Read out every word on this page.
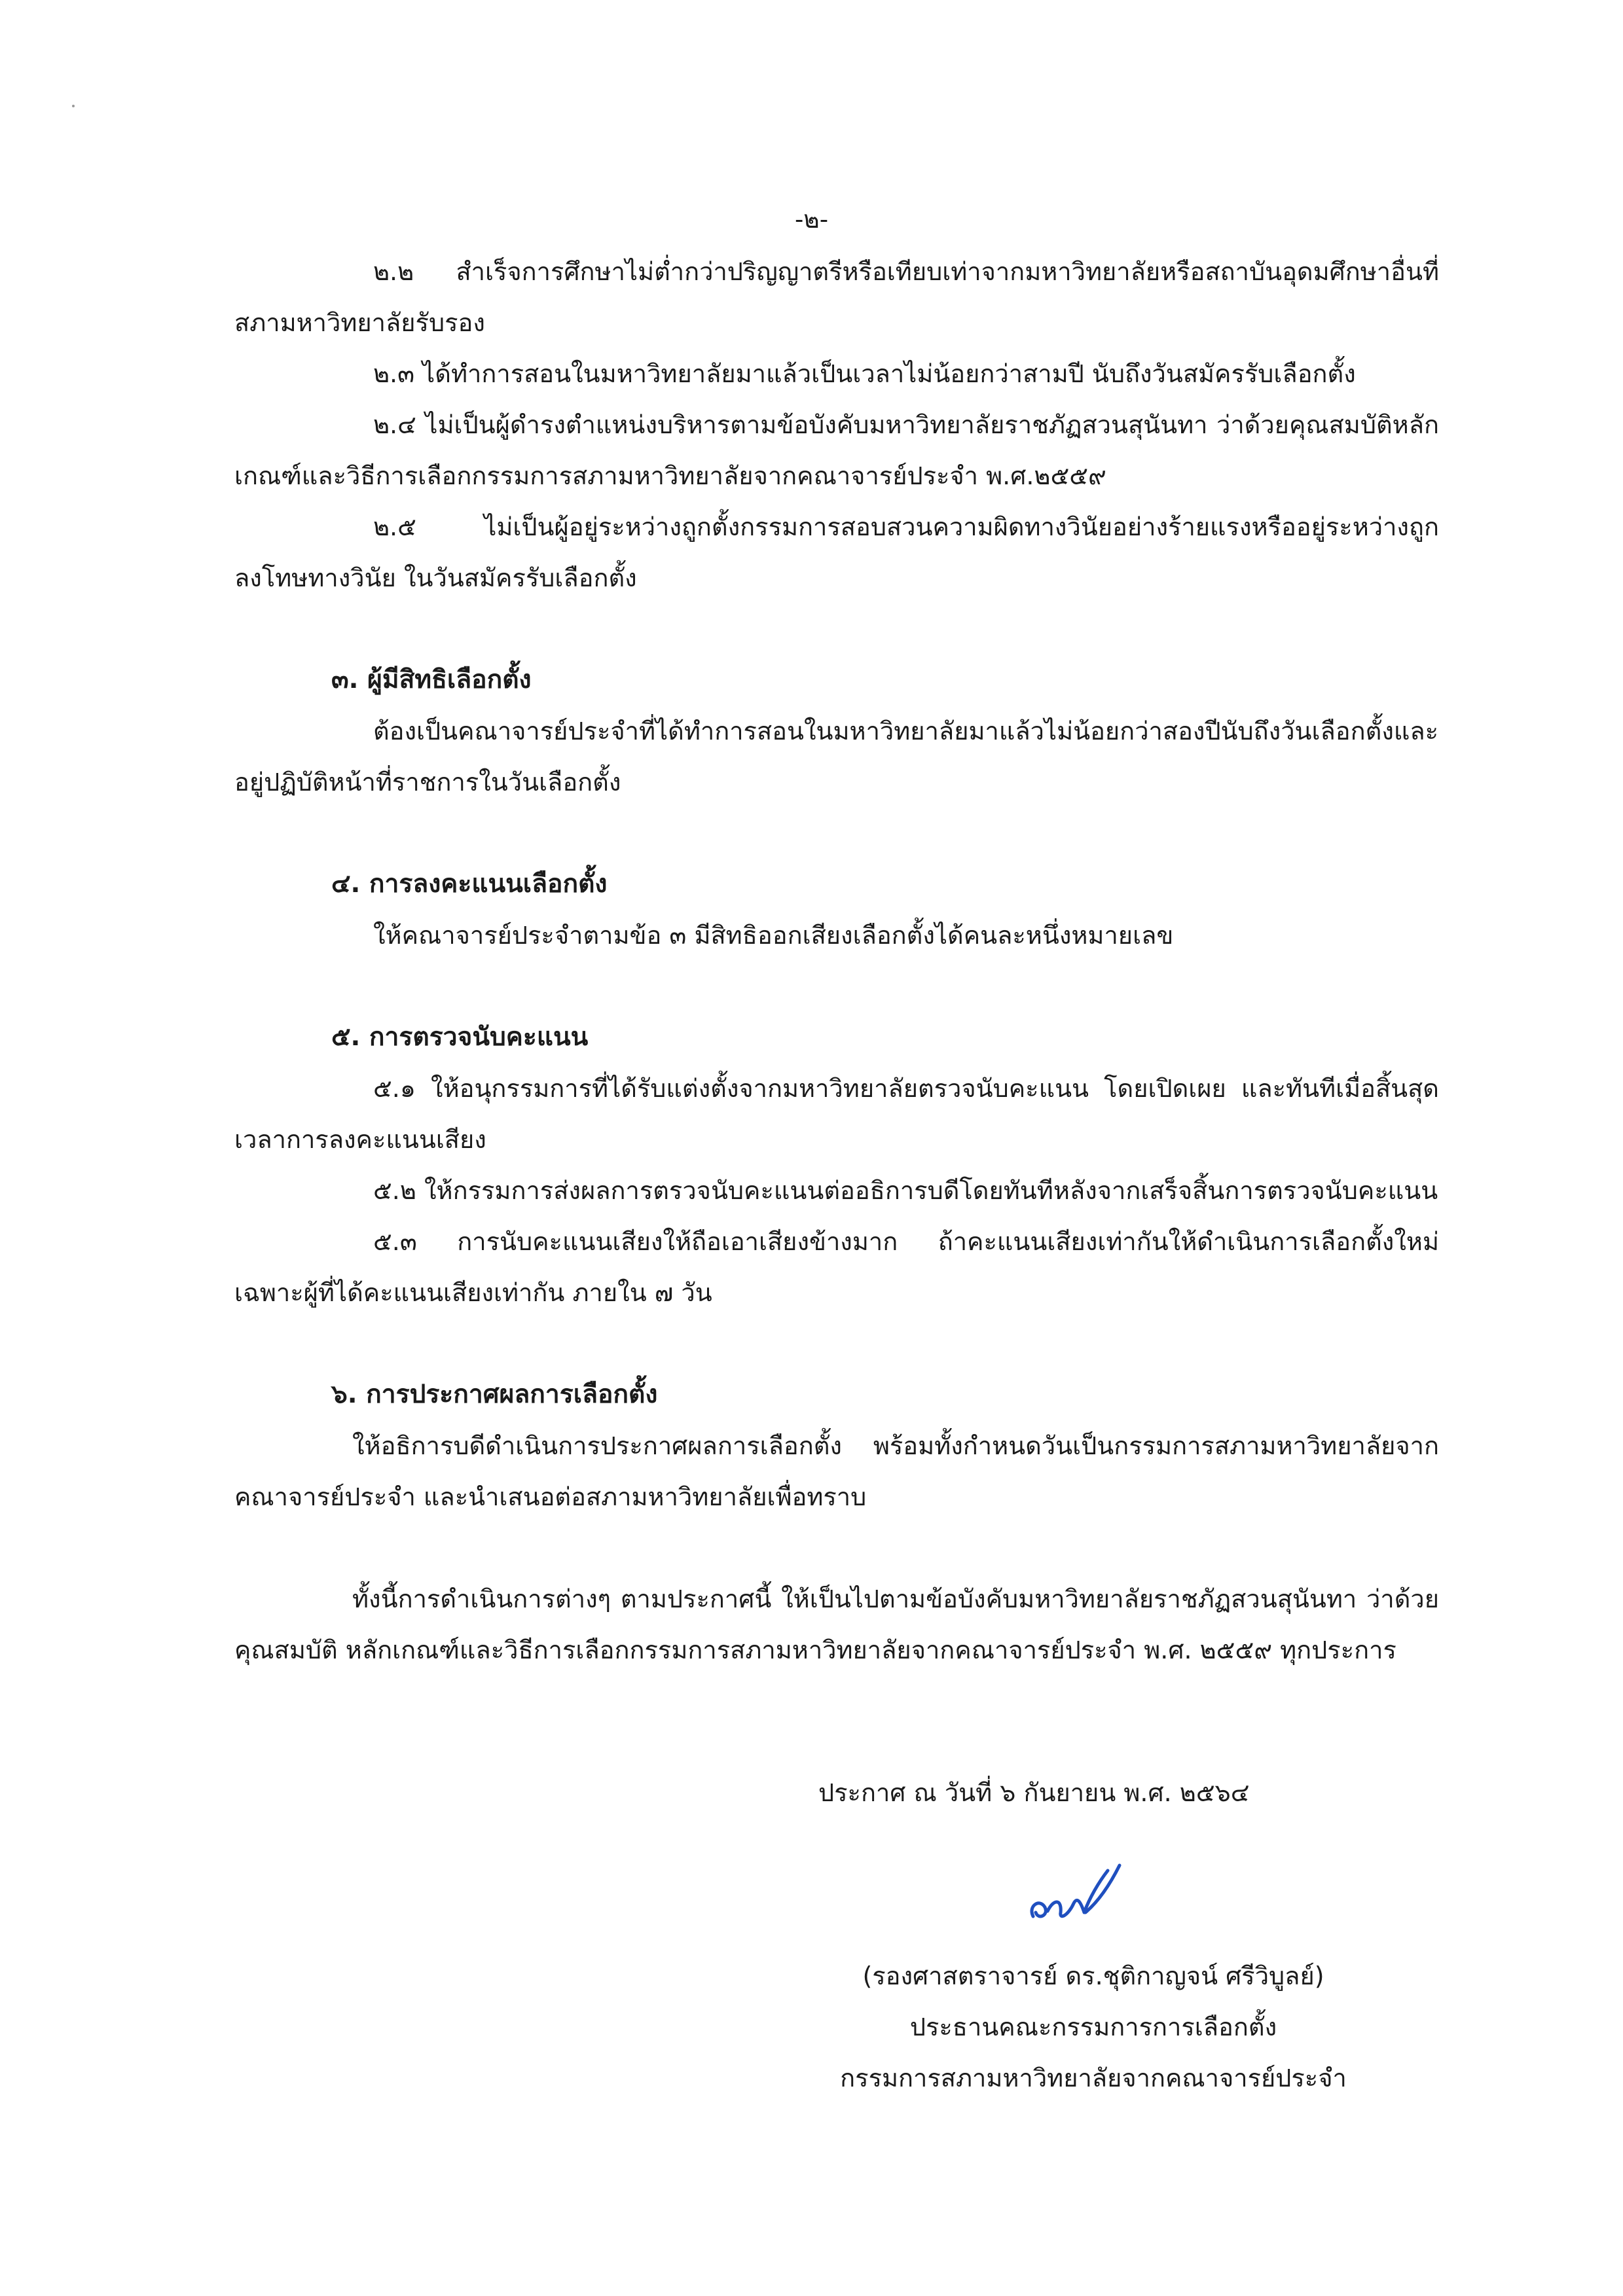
-๒-

๒.๒ สำเร็จการศึกษาไม่ต่ำกว่าปริญญาตรีหรือเทียบเท่าจากมหาวิทยาลัยหรือสถาบันอุดมศึกษาอื่นที่สภามหาวิทยาลัยรับรอง

๒.๓ ได้ทำการสอนในมหาวิทยาลัยมาแล้วเป็นเวลาไม่น้อยกว่าสามปี นับถึงวันสมัครรับเลือกตั้ง

๒.๔ ไม่เป็นผู้ดำรงตำแหน่งบริหารตามข้อบังคับมหาวิทยาลัยราชภัฏสวนสุนันทา ว่าด้วยคุณสมบัติหลักเกณฑ์และวิธีการเลือกกรรมการสภามหาวิทยาลัยจากคณาจารย์ประจำ พ.ศ.๒๕๕๙

๒.๕ ไม่เป็นผู้อยู่ระหว่างถูกตั้งกรรมการสอบสวนความผิดทางวินัยอย่างร้ายแรงหรืออยู่ระหว่างถูกลงโทษทางวินัย ในวันสมัครรับเลือกตั้ง

๓. ผู้มีสิทธิเลือกตั้ง

ต้องเป็นคณาจารย์ประจำที่ได้ทำการสอนในมหาวิทยาลัยมาแล้วไม่น้อยกว่าสองปีนับถึงวันเลือกตั้งและอยู่ปฏิบัติหน้าที่ราชการในวันเลือกตั้ง

๔. การลงคะแนนเลือกตั้ง

ให้คณาจารย์ประจำตามข้อ ๓ มีสิทธิออกเสียงเลือกตั้งได้คนละหนึ่งหมายเลข

๕. การตรวจนับคะแนน

๕.๑ ให้อนุกรรมการที่ได้รับแต่งตั้งจากมหาวิทยาลัยตรวจนับคะแนน โดยเปิดเผย และทันทีเมื่อสิ้นสุดเวลาการลงคะแนนเสียง

๕.๒ ให้กรรมการส่งผลการตรวจนับคะแนนต่ออธิการบดีโดยทันทีหลังจากเสร็จสิ้นการตรวจนับคะแนน

๕.๓ การนับคะแนนเสียงให้ถือเอาเสียงข้างมาก ถ้าคะแนนเสียงเท่ากันให้ดำเนินการเลือกตั้งใหม่เฉพาะผู้ที่ได้คะแนนเสียงเท่ากัน ภายใน ๗ วัน

๖. การประกาศผลการเลือกตั้ง

ให้อธิการบดีดำเนินการประกาศผลการเลือกตั้ง พร้อมทั้งกำหนดวันเป็นกรรมการสภามหาวิทยาลัยจากคณาจารย์ประจำ และนำเสนอต่อสภามหาวิทยาลัยเพื่อทราบ

ทั้งนี้การดำเนินการต่างๆ ตามประกาศนี้ ให้เป็นไปตามข้อบังคับมหาวิทยาลัยราชภัฏสวนสุนันทา ว่าด้วยคุณสมบัติ หลักเกณฑ์และวิธีการเลือกกรรมการสภามหาวิทยาลัยจากคณาจารย์ประจำ พ.ศ. ๒๕๕๙ ทุกประการ

ประกาศ ณ วันที่ ๖ กันยายน พ.ศ. ๒๕๖๔
(รองศาสตราจารย์ ดร.ชุติกาญจน์ ศรีวิบูลย์)
ประธานคณะกรรมการการเลือกตั้ง
กรรมการสภามหาวิทยาลัยจากคณาจารย์ประจำ
